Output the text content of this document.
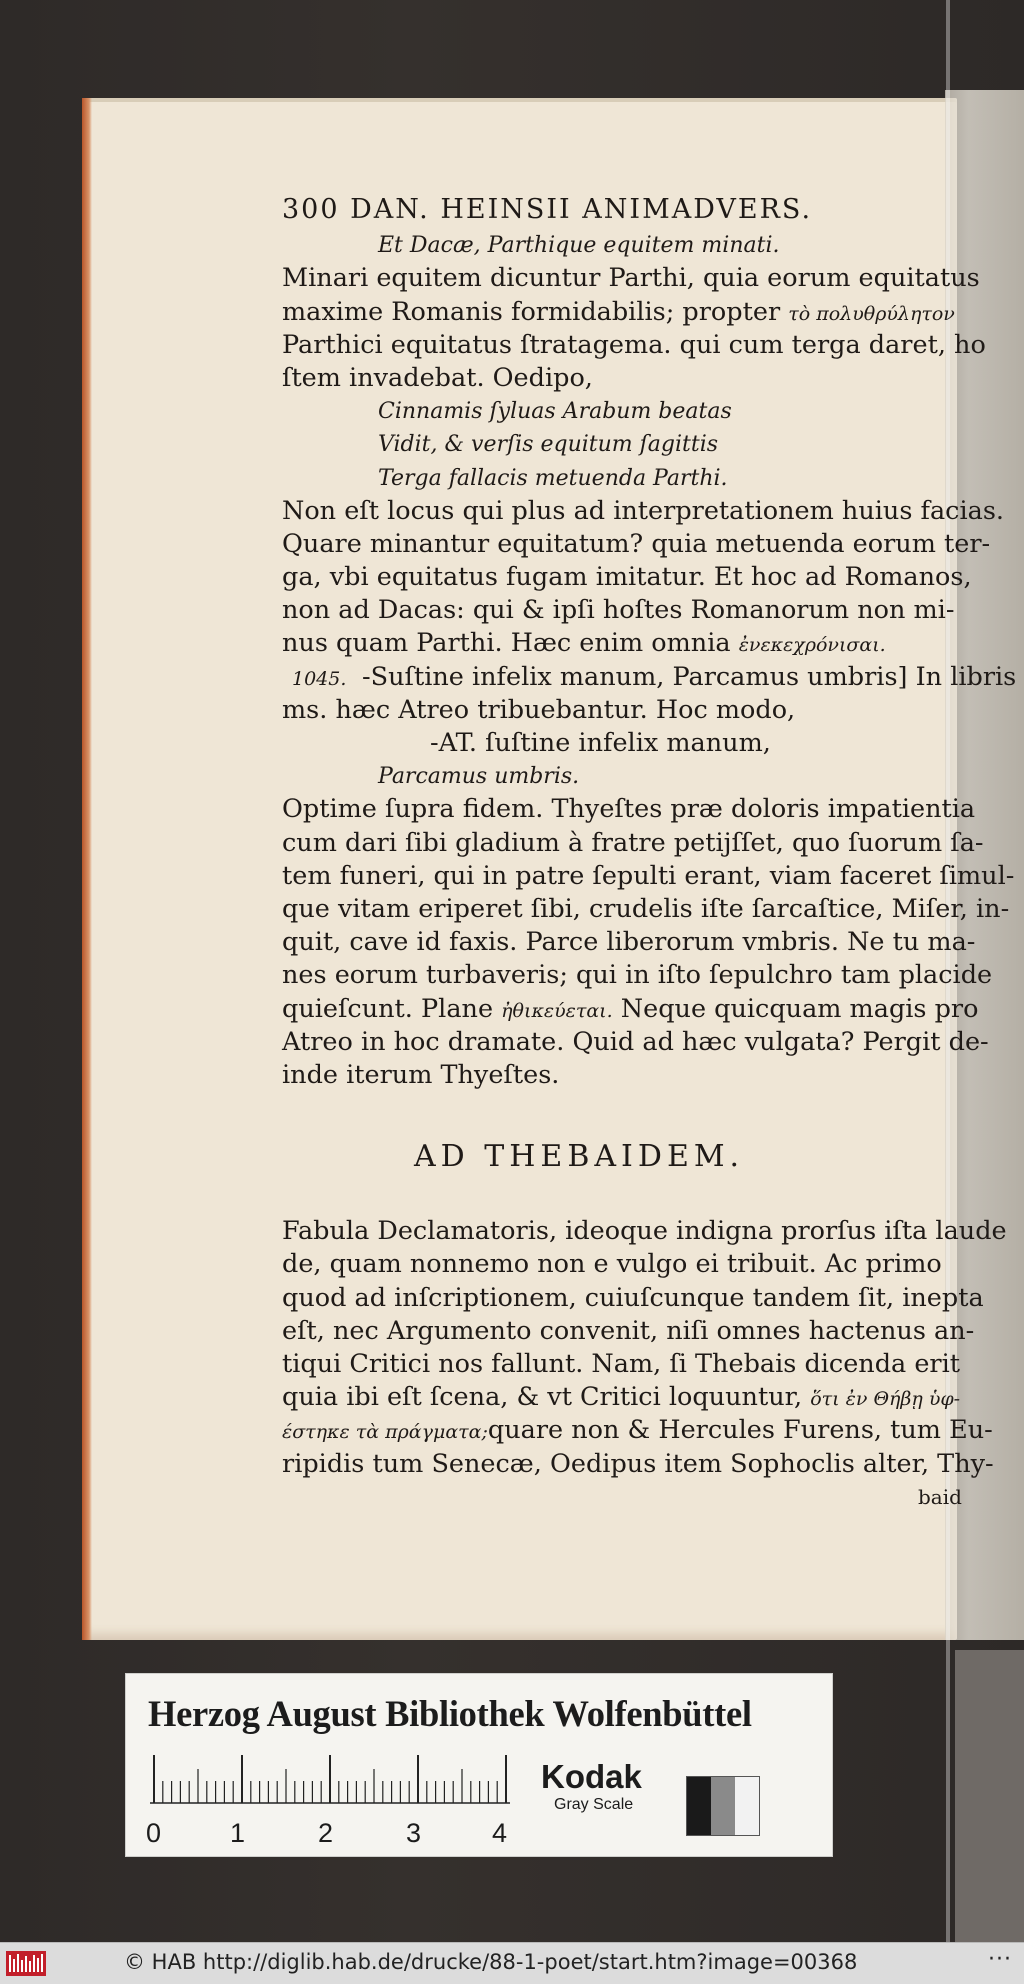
300 DAN. HEINSII ANIMADVERS.
Et Dacæ, Parthique equitem minati.
Minari equitem dicuntur Parthi, quia eorum equitatus
maxime Romanis formidabilis; propter τὸ πολυθρύλητον
Parthici equitatus ſtratagema. qui cum terga daret, ho
ſtem invadebat. Oedipo,
Cinnamis ſyluas Arabum beatas
Vidit, & verſis equitum ſagittis
Terga fallacis metuenda Parthi.
Non eſt locus qui plus ad interpretationem huius facias.
Quare minantur equitatum? quia metuenda eorum ter-
ga, vbi equitatus fugam imitatur. Et hoc ad Romanos,
non ad Dacas: qui & ipſi hoſtes Romanorum non mi-
nus quam Parthi. Hæc enim omnia ἐνεκεχρόνισαι.
1045. -Suſtine infelix manum, Parcamus umbris] In libris
ms. hæc Atreo tribuebantur. Hoc modo,
-AT. ſuſtine infelix manum,
Parcamus umbris.
Optime ſupra fidem. Thyeſtes præ doloris impatientia
cum dari ſibi gladium à fratre petijſſet, quo ſuorum ſa-
tem funeri, qui in patre ſepulti erant, viam faceret ſimul-
que vitam eriperet ſibi, crudelis iſte ſarcaſtice, Miſer, in-
quit, cave id faxis. Parce liberorum vmbris. Ne tu ma-
nes eorum turbaveris; qui in iſto ſepulchro tam placide
quieſcunt. Plane ἠθικεύεται. Neque quicquam magis pro
Atreo in hoc dramate. Quid ad hæc vulgata? Pergit de-
inde iterum Thyeſtes.
AD THEBAIDEM.
Fabula Declamatoris, ideoque indigna prorſus iſta laude
de, quam nonnemo non e vulgo ei tribuit. Ac primo
quod ad inſcriptionem, cuiuſcunque tandem ſit, inepta
eſt, nec Argumento convenit, niſi omnes hactenus an-
tiqui Critici nos fallunt. Nam, ſi Thebais dicenda erit
quia ibi eſt ſcena, & vt Critici loquuntur, ὅτι ἐν Θήβῃ ὑφ-
έστηκε τὰ πράγματα;quare non & Hercules Furens, tum Eu-
ripidis tum Senecæ, Oedipus item Sophoclis alter, Thy-
baid
Herzog August Bibliothek Wolfenbüttel
0	1	2	3	4
Kodak
Gray Scale
© HAB http://diglib.hab.de/drucke/88-1-poet/start.htm?image=00368	···
